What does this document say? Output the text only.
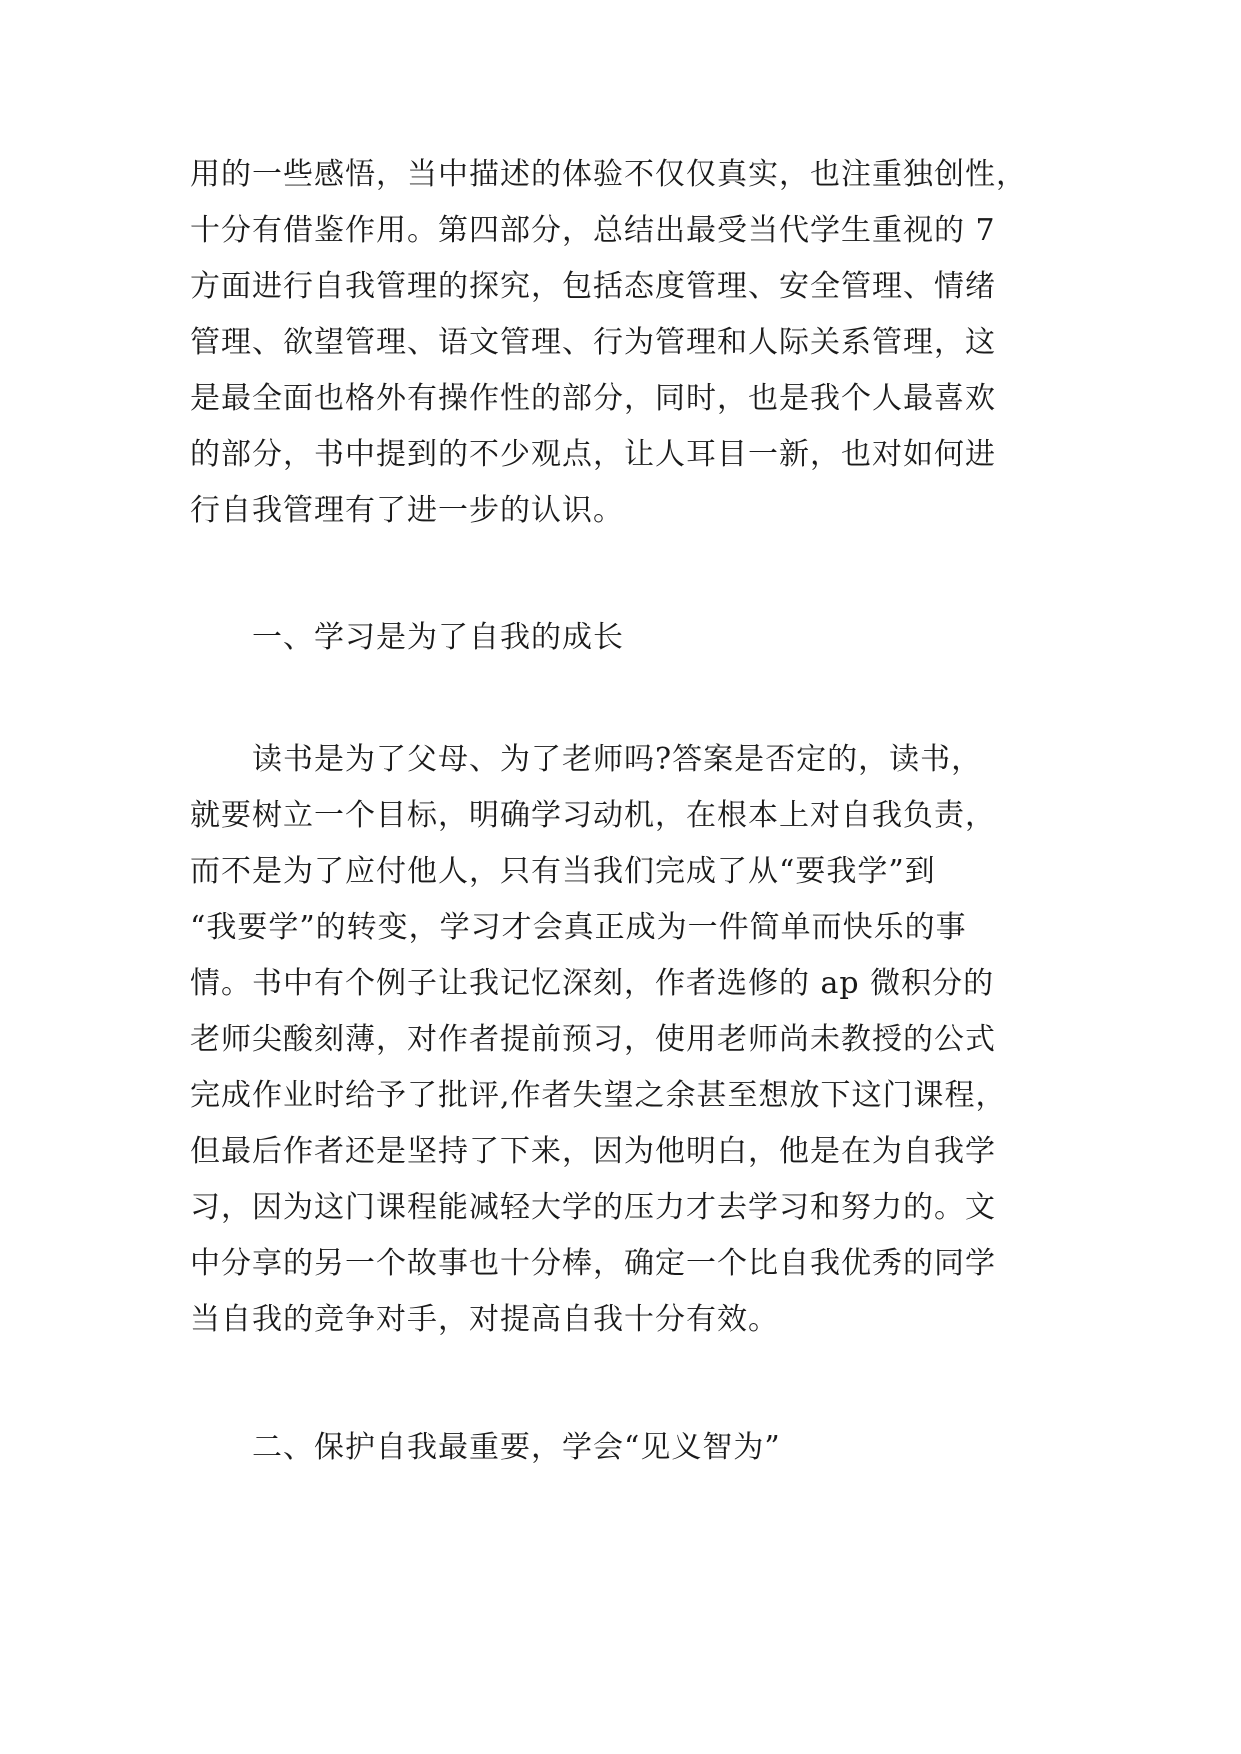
用的一些感悟，当中描述的体验不仅仅真实，也注重独创性，
十分有借鉴作用。第四部分，总结出最受当代学生重视的 7
方面进行自我管理的探究，包括态度管理、安全管理、情绪
管理、欲望管理、语文管理、行为管理和人际关系管理，这
是最全面也格外有操作性的部分，同时，也是我个人最喜欢
的部分，书中提到的不少观点，让人耳目一新，也对如何进
行自我管理有了进一步的认识。
一、学习是为了自我的成长
读书是为了父母、为了老师吗?答案是否定的，读书，
就要树立一个目标，明确学习动机，在根本上对自我负责，
而不是为了应付他人，只有当我们完成了从“要我学”到
“我要学”的转变，学习才会真正成为一件简单而快乐的事
情。书中有个例子让我记忆深刻，作者选修的 ap 微积分的
老师尖酸刻薄，对作者提前预习，使用老师尚未教授的公式
完成作业时给予了批评,作者失望之余甚至想放下这门课程，
但最后作者还是坚持了下来，因为他明白，他是在为自我学
习，因为这门课程能减轻大学的压力才去学习和努力的。文
中分享的另一个故事也十分棒，确定一个比自我优秀的同学
当自我的竞争对手，对提高自我十分有效。
二、保护自我最重要，学会“见义智为”
